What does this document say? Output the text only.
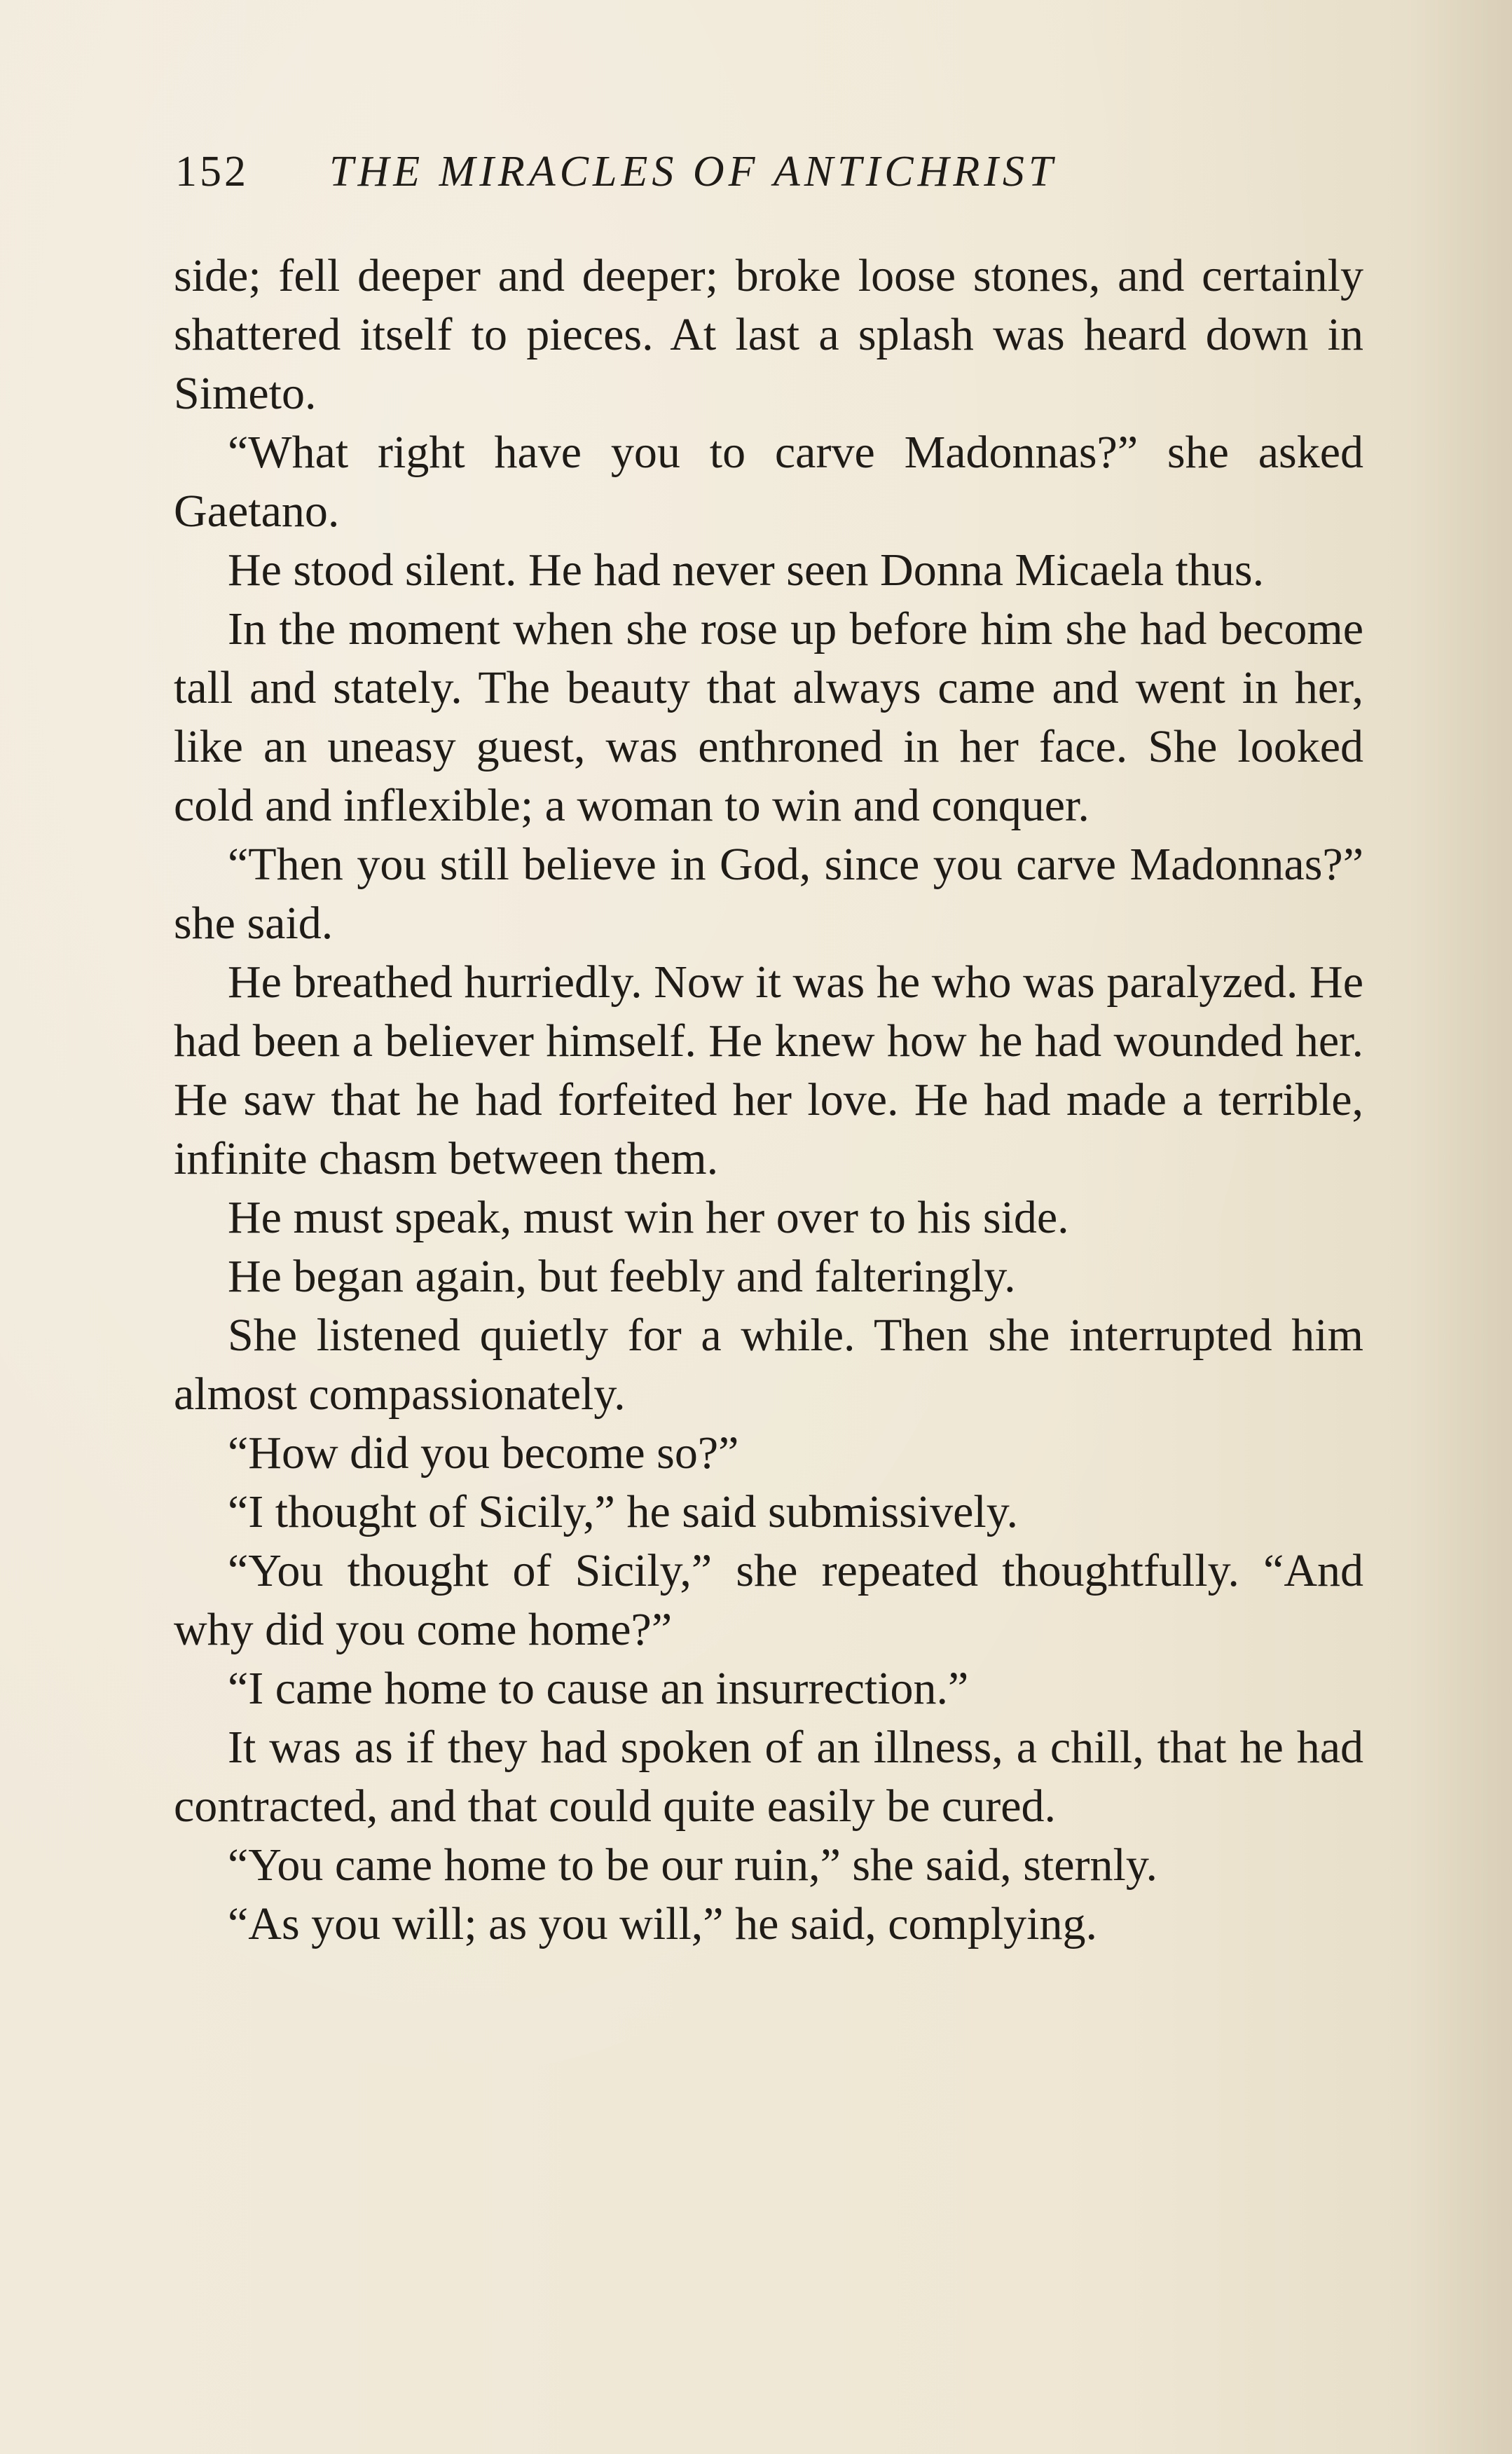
152 THE MIRACLES OF ANTICHRIST

side; fell deeper and deeper; broke loose stones, and certainly shattered itself to pieces. At last a splash was heard down in Simeto.

“What right have you to carve Madonnas?” she asked Gaetano.

He stood silent. He had never seen Donna Micaela thus.

In the moment when she rose up before him she had become tall and stately. The beauty that always came and went in her, like an uneasy guest, was enthroned in her face. She looked cold and inflexible; a woman to win and conquer.

“Then you still believe in God, since you carve Madonnas?” she said.

He breathed hurriedly. Now it was he who was paralyzed. He had been a believer himself. He knew how he had wounded her. He saw that he had forfeited her love. He had made a terrible, infinite chasm between them.

He must speak, must win her over to his side.

He began again, but feebly and falteringly.

She listened quietly for a while. Then she interrupted him almost compassionately.

“How did you become so?”

“I thought of Sicily,” he said submissively.

“You thought of Sicily,” she repeated thoughtfully. “And why did you come home?”

“I came home to cause an insurrection.”

It was as if they had spoken of an illness, a chill, that he had contracted, and that could quite easily be cured.

“You came home to be our ruin,” she said, sternly.

“As you will; as you will,” he said, complying.
